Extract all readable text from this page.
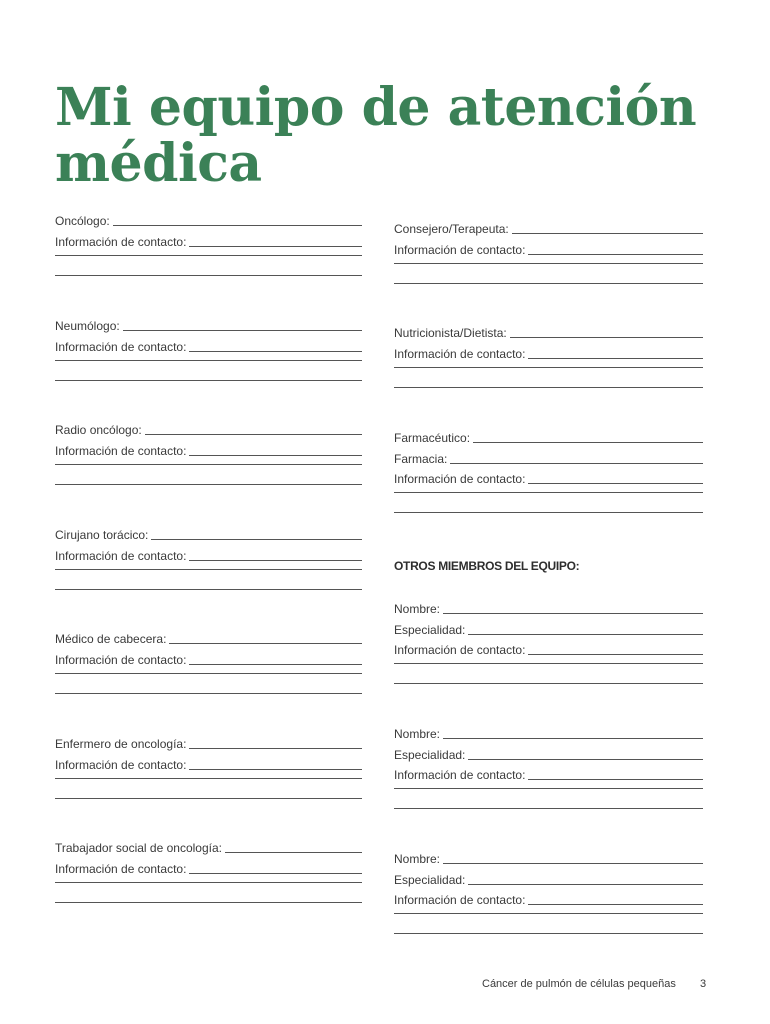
Mi equipo de atención médica
Oncólogo:
Información de contacto:
Neumólogo:
Información de contacto:
Radio oncólogo:
Información de contacto:
Cirujano torácico:
Información de contacto:
Médico de cabecera:
Información de contacto:
Enfermero de oncología:
Información de contacto:
Trabajador social de oncología:
Información de contacto:
Consejero/Terapeuta:
Información de contacto:
Nutricionista/Dietista:
Información de contacto:
Farmacéutico:
Farmacia:
Información de contacto:
OTROS MIEMBROS DEL EQUIPO:
Nombre:
Especialidad:
Información de contacto:
Nombre:
Especialidad:
Información de contacto:
Nombre:
Especialidad:
Información de contacto:
Cáncer de pulmón de células pequeñas 3
